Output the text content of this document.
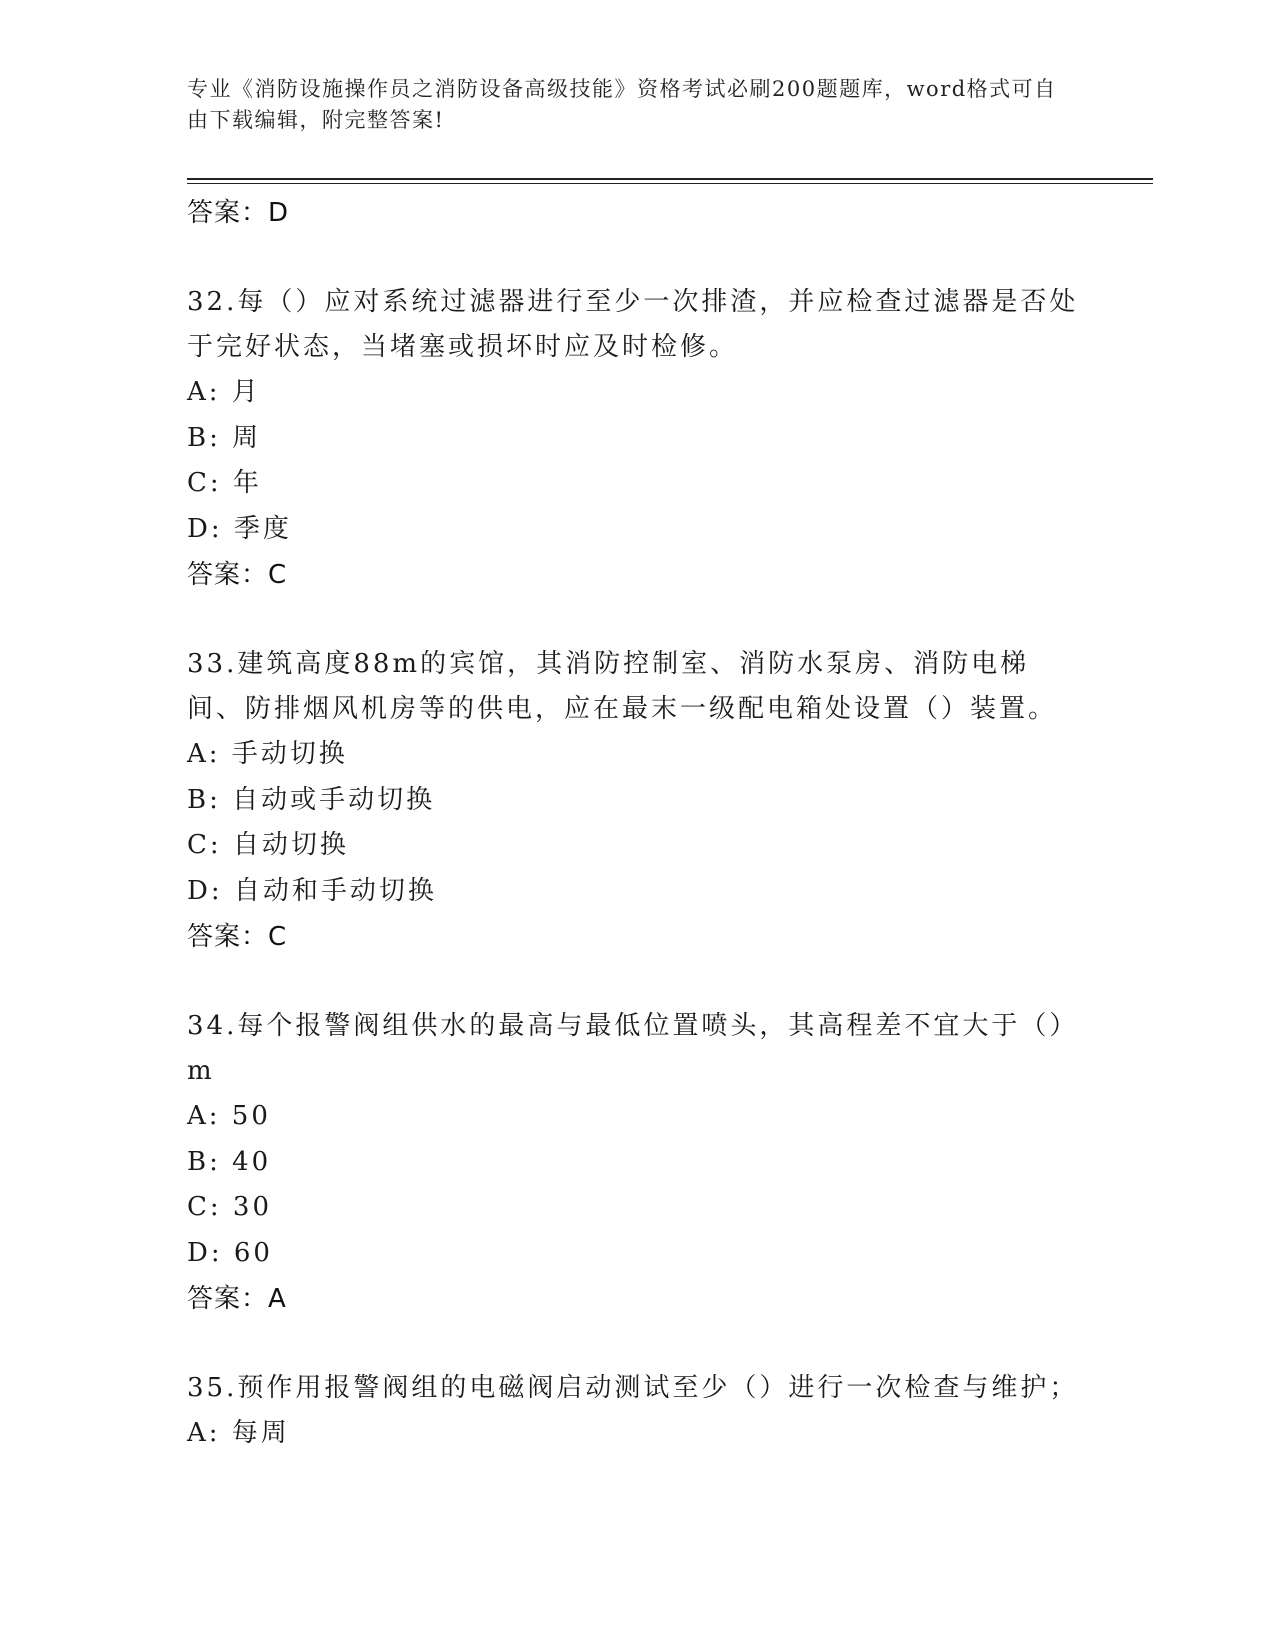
专业《消防设施操作员之消防设备高级技能》资格考试必刷200题题库，word格式可自由下载编辑，附完整答案!
答案：D
32.每（）应对系统过滤器进行至少一次排渣，并应检查过滤器是否处于完好状态，当堵塞或损坏时应及时检修。
A: 月
B: 周
C: 年
D: 季度
答案：C
33.建筑高度88m的宾馆，其消防控制室、消防水泵房、消防电梯间、防排烟风机房等的供电，应在最末一级配电箱处设置（）装置。
A: 手动切换
B: 自动或手动切换
C: 自动切换
D: 自动和手动切换
答案：C
34.每个报警阀组供水的最高与最低位置喷头，其高程差不宜大于（）m
A: 50
B: 40
C: 30
D: 60
答案：A
35.预作用报警阀组的电磁阀启动测试至少（）进行一次检查与维护；
A: 每周
